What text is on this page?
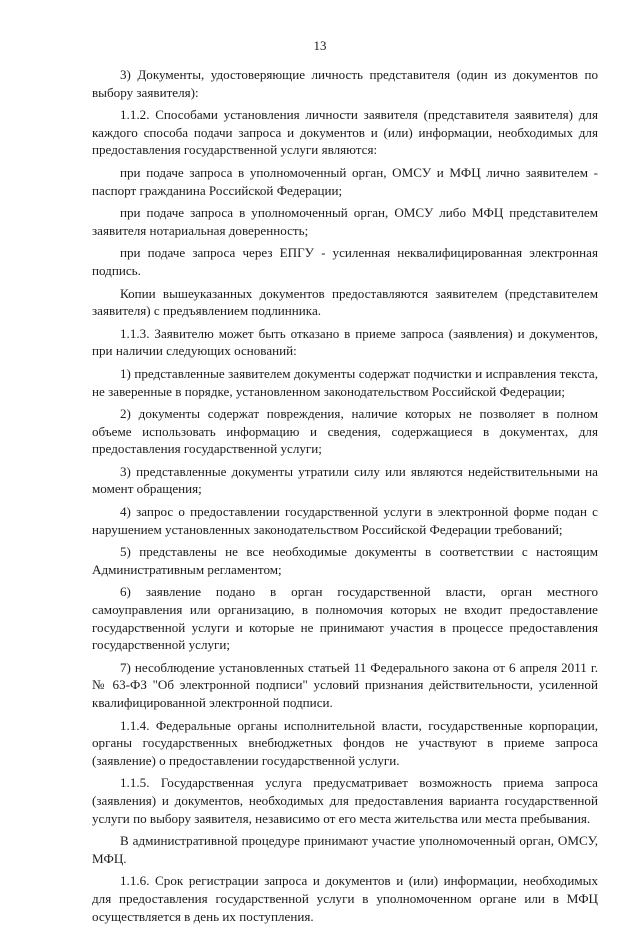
13

3) Документы, удостоверяющие личность представителя (один из документов по выбору заявителя):

1.1.2. Способами установления личности заявителя (представителя заявителя) для каждого способа подачи запроса и документов и (или) информации, необходимых для предоставления государственной услуги являются:

при подаче запроса в уполномоченный орган, ОМСУ и МФЦ лично заявителем - паспорт гражданина Российской Федерации;

при подаче запроса в уполномоченный орган, ОМСУ либо МФЦ представителем заявителя нотариальная доверенность;

при подаче запроса через ЕПГУ - усиленная неквалифицированная электронная подпись.

Копии вышеуказанных документов предоставляются заявителем (представителем заявителя) с предъявлением подлинника.

1.1.3. Заявителю может быть отказано в приеме запроса (заявления) и документов, при наличии следующих оснований:

1) представленные заявителем документы содержат подчистки и исправления текста, не заверенные в порядке, установленном законодательством Российской Федерации;

2) документы содержат повреждения, наличие которых не позволяет в полном объеме использовать информацию и сведения, содержащиеся в документах, для предоставления государственной услуги;

3) представленные документы утратили силу или являются недействительными на момент обращения;

4) запрос о предоставлении государственной услуги в электронной форме подан с нарушением установленных законодательством Российской Федерации требований;

5) представлены не все необходимые документы в соответствии с настоящим Административным регламентом;

6) заявление подано в орган государственной власти, орган местного самоуправления или организацию, в полномочия которых не входит предоставление государственной услуги и которые не принимают участия в процессе предоставления государственной услуги;

7) несоблюдение установленных статьей 11 Федерального закона от 6 апреля 2011 г. № 63-ФЗ "Об электронной подписи" условий признания действительности, усиленной квалифицированной электронной подписи.

1.1.4. Федеральные органы исполнительной власти, государственные корпорации, органы государственных внебюджетных фондов не участвуют в приеме запроса (заявление) о предоставлении государственной услуги.

1.1.5. Государственная услуга предусматривает возможность приема запроса (заявления) и документов, необходимых для предоставления варианта государственной услуги по выбору заявителя, независимо от его места жительства или места пребывания.

В административной процедуре принимают участие уполномоченный орган, ОМСУ, МФЦ.

1.1.6. Срок регистрации запроса и документов и (или) информации, необходимых для предоставления государственной услуги в уполномоченном органе или в МФЦ осуществляется в день их поступления.
